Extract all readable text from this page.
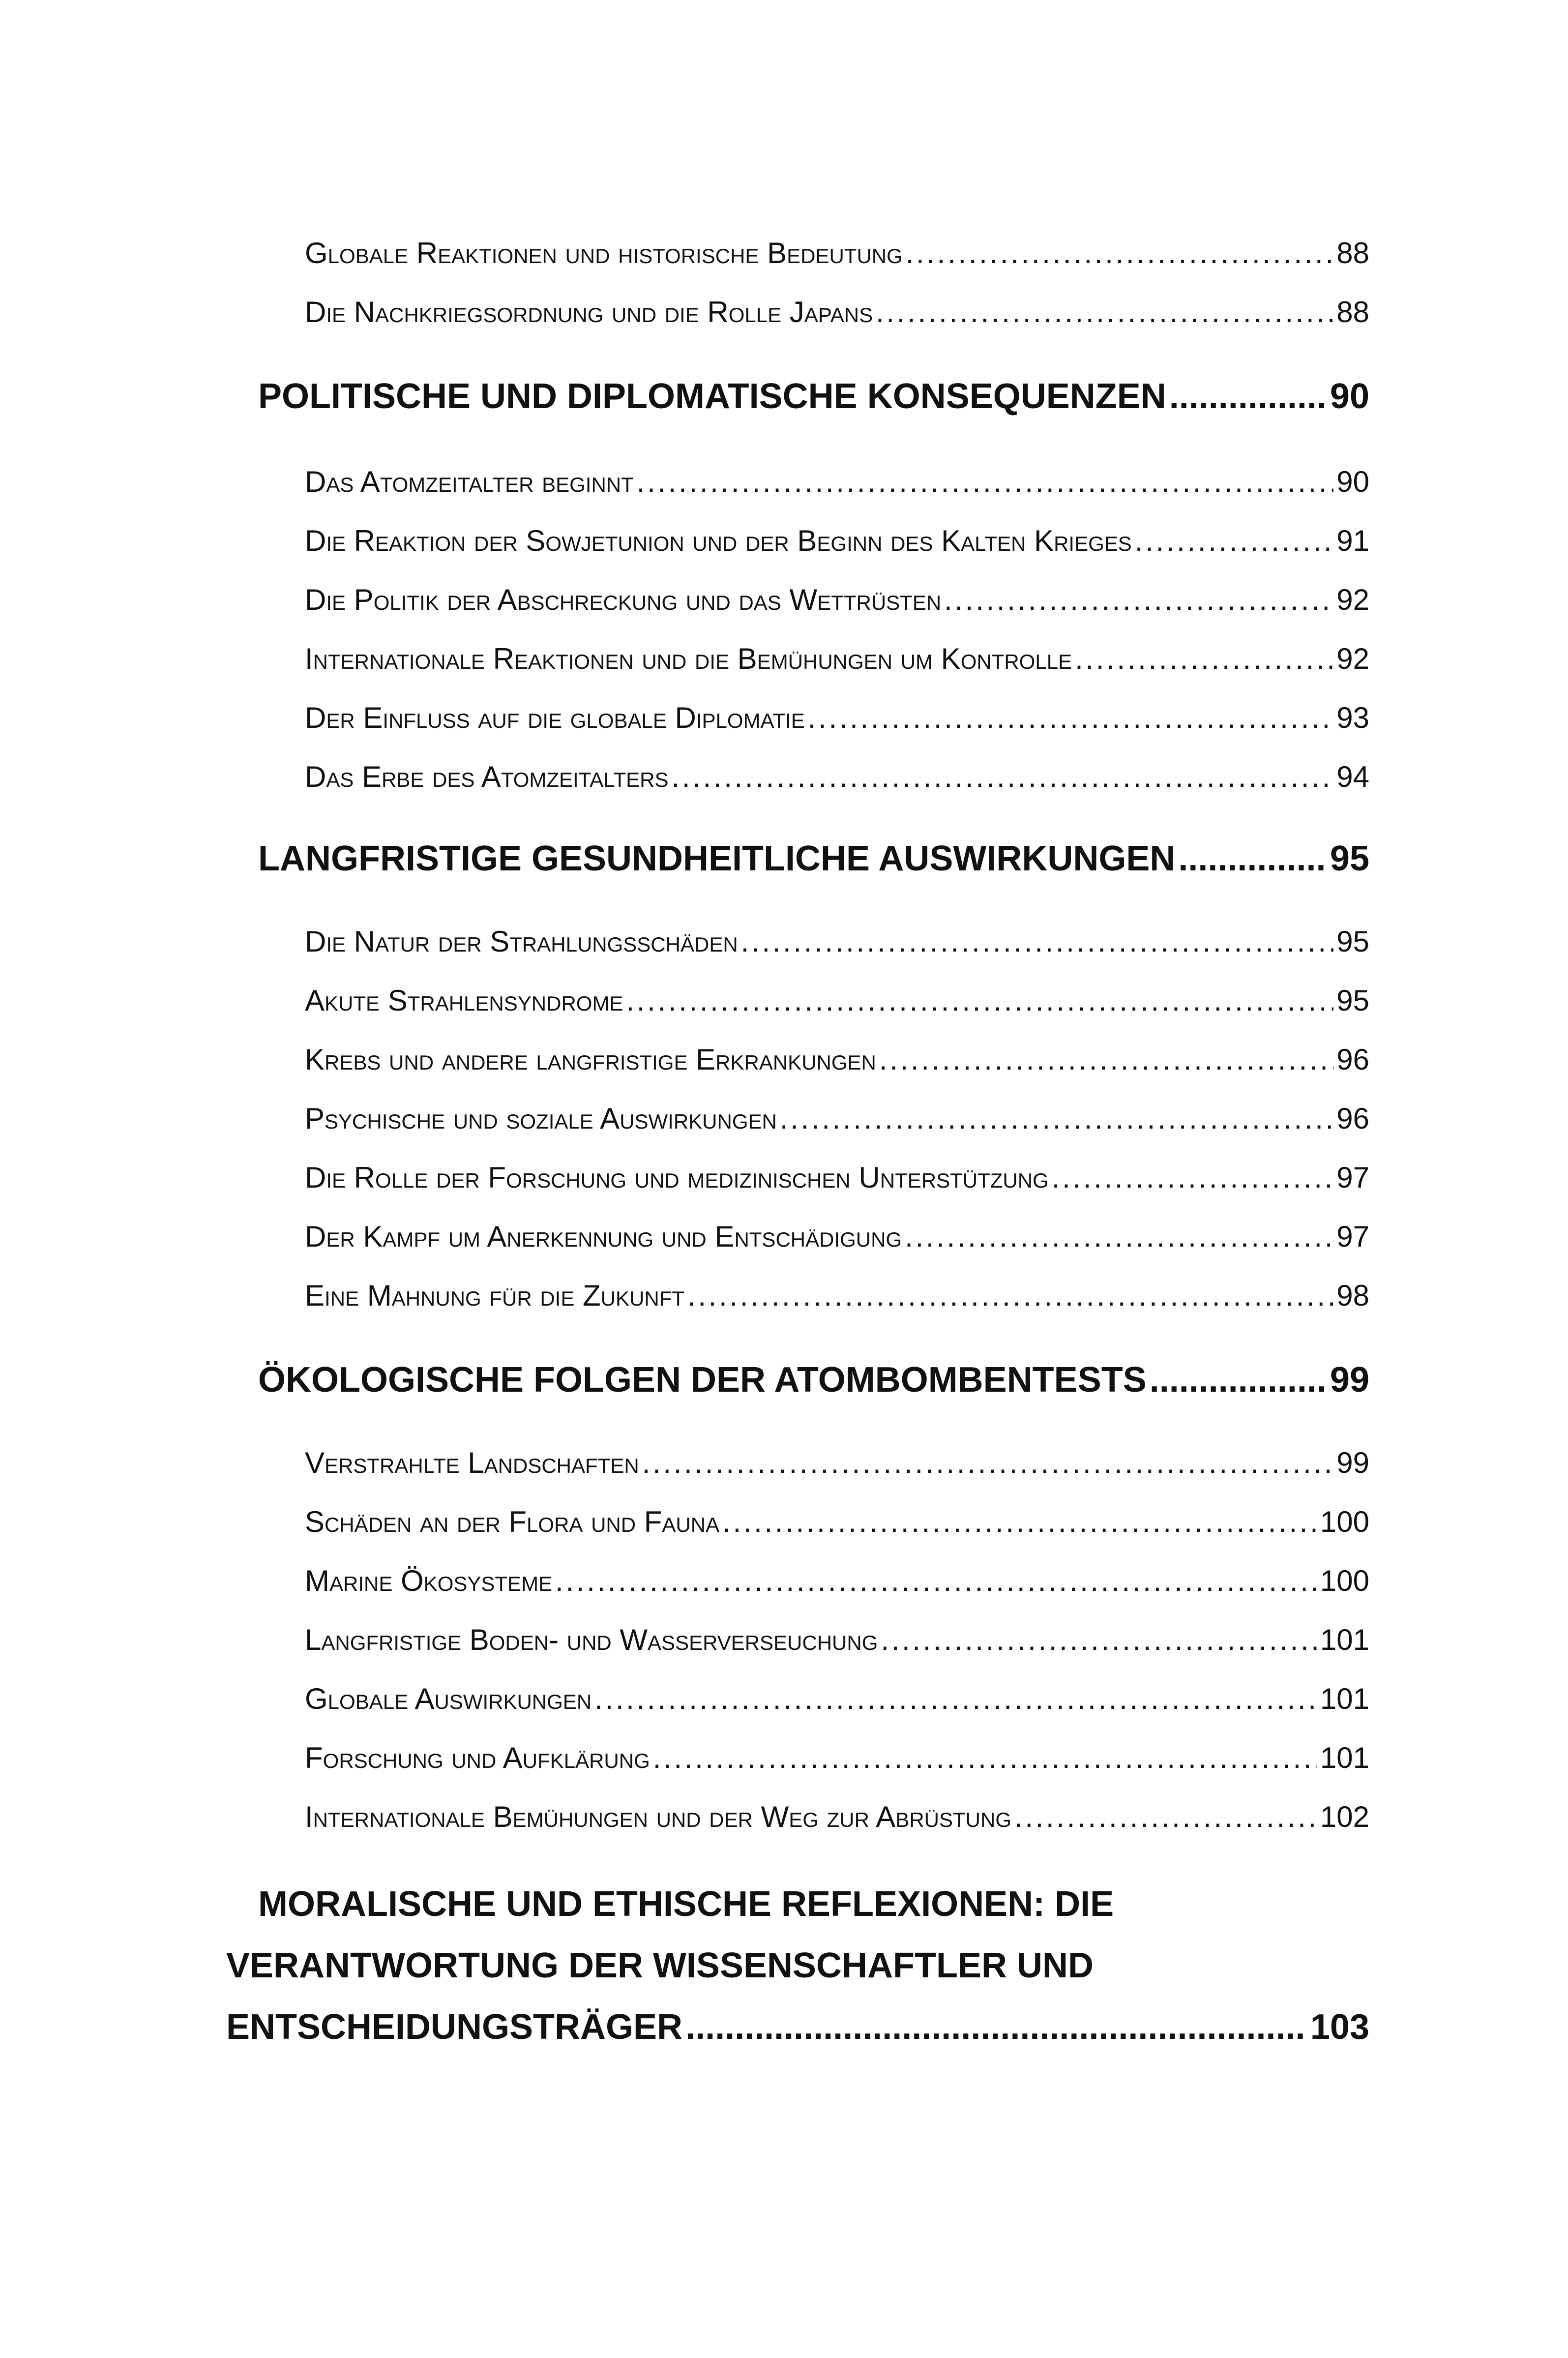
Globale Reaktionen und historische Bedeutung . . .	88
Die Nachkriegsordnung und die Rolle Japans . . .	88
POLITISCHE UND DIPLOMATISCHE KONSEQUENZEN . . .	90
Das Atomzeitalter beginnt . . .	90
Die Reaktion der Sowjetunion und der Beginn des Kalten Krieges . . .	91
Die Politik der Abschreckung und das Wettrüsten . . .	92
Internationale Reaktionen und die Bemühungen um Kontrolle . . .	92
Der Einfluss auf die globale Diplomatie . . .	93
Das Erbe des Atomzeitalters . . .	94
LANGFRISTIGE GESUNDHEITLICHE AUSWIRKUNGEN . . .	95
Die Natur der Strahlungsschäden . . .	95
Akute Strahlensyndrome . . .	95
Krebs und andere langfristige Erkrankungen . . .	96
Psychische und soziale Auswirkungen . . .	96
Die Rolle der Forschung und medizinischen Unterstützung . . .	97
Der Kampf um Anerkennung und Entschädigung . . .	97
Eine Mahnung für die Zukunft . . .	98
ÖKOLOGISCHE FOLGEN DER ATOMBOMBENTESTS . . .	99
Verstrahlte Landschaften . . .	99
Schäden an der Flora und Fauna . . .	100
Marine Ökosysteme . . .	100
Langfristige Boden- und Wasserverseuchung . . .	101
Globale Auswirkungen . . .	101
Forschung und Aufklärung . . .	101
Internationale Bemühungen und der Weg zur Abrüstung . . .	102
MORALISCHE UND ETHISCHE REFLEXIONEN: DIE
VERANTWORTUNG DER WISSENSCHAFTLER UND
ENTSCHEIDUNGSTRÄGER . . .	103
